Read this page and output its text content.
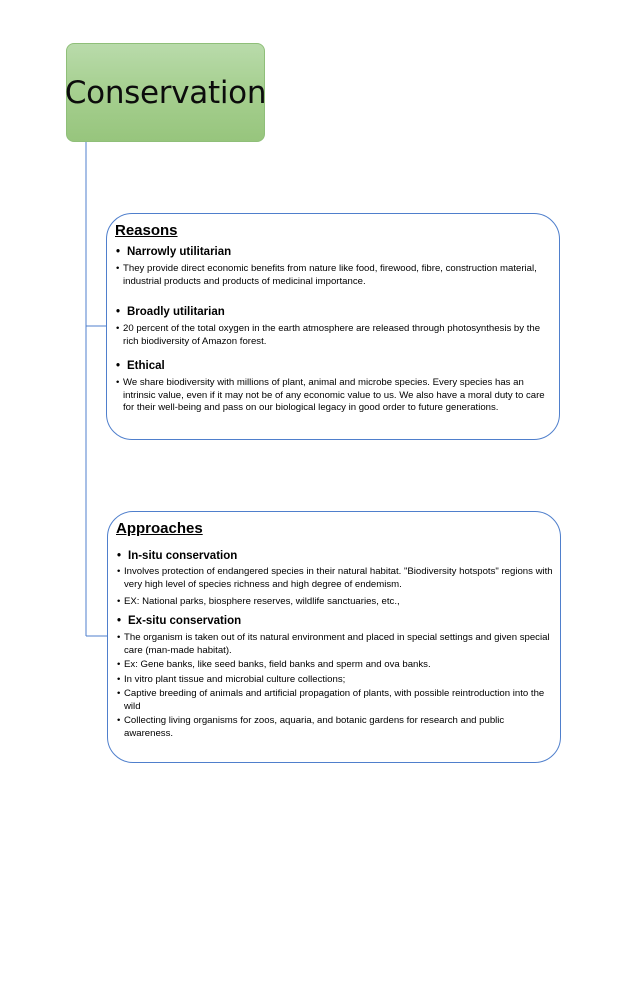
Conservation
Reasons
• Narrowly utilitarian
• They provide direct economic benefits from nature like food, firewood, fibre, construction material, industrial products and products of medicinal importance.
• Broadly utilitarian
• 20 percent of the total oxygen in the earth atmosphere are released through photosynthesis by the rich biodiversity of Amazon forest.
• Ethical
• We share biodiversity with millions of plant, animal and microbe species. Every species has an intrinsic value, even if it may not be of any economic value to us. We also have a moral duty to care for their well-being and pass on our biological legacy in good order to future generations.
Approaches
• In-situ conservation
• Involves protection of endangered species in their natural habitat. "Biodiversity hotspots" regions with very high level of species richness and high degree of endemism.
• EX: National parks, biosphere reserves, wildlife sanctuaries, etc.,
• Ex-situ conservation
• The organism is taken out of its natural environment and placed in special settings and given special care (man-made habitat).
• Ex: Gene banks, like seed banks, field banks and sperm and ova banks.
• In vitro plant tissue and microbial culture collections;
• Captive breeding of animals and artificial propagation of plants, with possible reintroduction into the wild
• Collecting living organisms for zoos, aquaria, and botanic gardens for research and public awareness.
